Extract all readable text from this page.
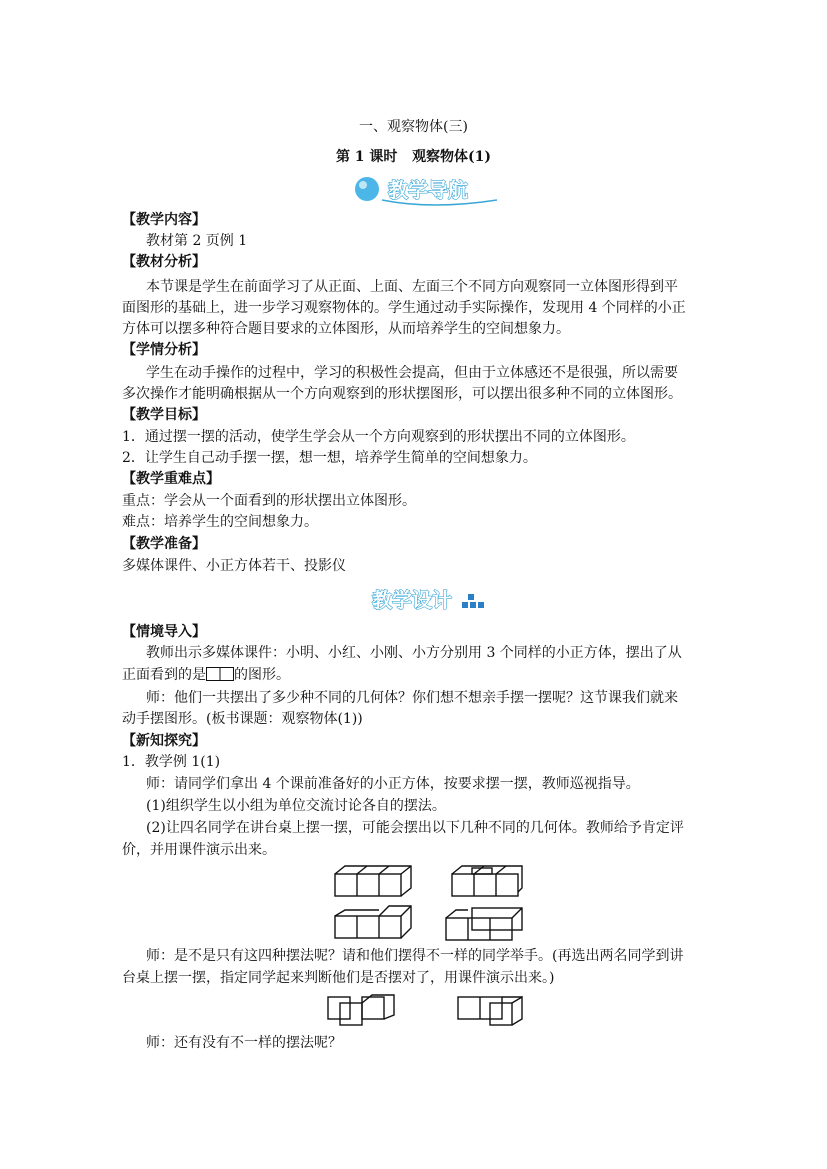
一、观察物体(三)
第 1 课时 观察物体(1)
教学导航
【教学内容】
教材第 2 页例 1
【教材分析】
本节课是学生在前面学习了从正面、上面、左面三个不同方向观察同一立体图形得到平
面图形的基础上，进一步学习观察物体的。学生通过动手实际操作，发现用 4 个同样的小正
方体可以摆多种符合题目要求的立体图形，从而培养学生的空间想象力。
【学情分析】
学生在动手操作的过程中，学习的积极性会提高，但由于立体感还不是很强，所以需要
多次操作才能明确根据从一个方向观察到的形状摆图形，可以摆出很多种不同的立体图形。
【教学目标】
1．通过摆一摆的活动，使学生学会从一个方向观察到的形状摆出不同的立体图形。
2．让学生自己动手摆一摆，想一想，培养学生简单的空间想象力。
【教学重难点】
重点：学会从一个面看到的形状摆出立体图形。
难点：培养学生的空间想象力。
【教学准备】
多媒体课件、小正方体若干、投影仪
教学设计
【情境导入】
教师出示多媒体课件：小明、小红、小刚、小方分别用 3 个同样的小正方体，摆出了从
正面看到的是 的图形。
师：他们一共摆出了多少种不同的几何体？你们想不想亲手摆一摆呢？这节课我们就来
动手摆图形。(板书课题：观察物体(1))
【新知探究】
1．教学例 1(1)
师：请同学们拿出 4 个课前准备好的小正方体，按要求摆一摆，教师巡视指导。
(1)组织学生以小组为单位交流讨论各自的摆法。
(2)让四名同学在讲台桌上摆一摆，可能会摆出以下几种不同的几何体。教师给予肯定评
价，并用课件演示出来。
师：是不是只有这四种摆法呢？请和他们摆得不一样的同学举手。(再选出两名同学到讲
台桌上摆一摆，指定同学起来判断他们是否摆对了，用课件演示出来。)
师：还有没有不一样的摆法呢？
